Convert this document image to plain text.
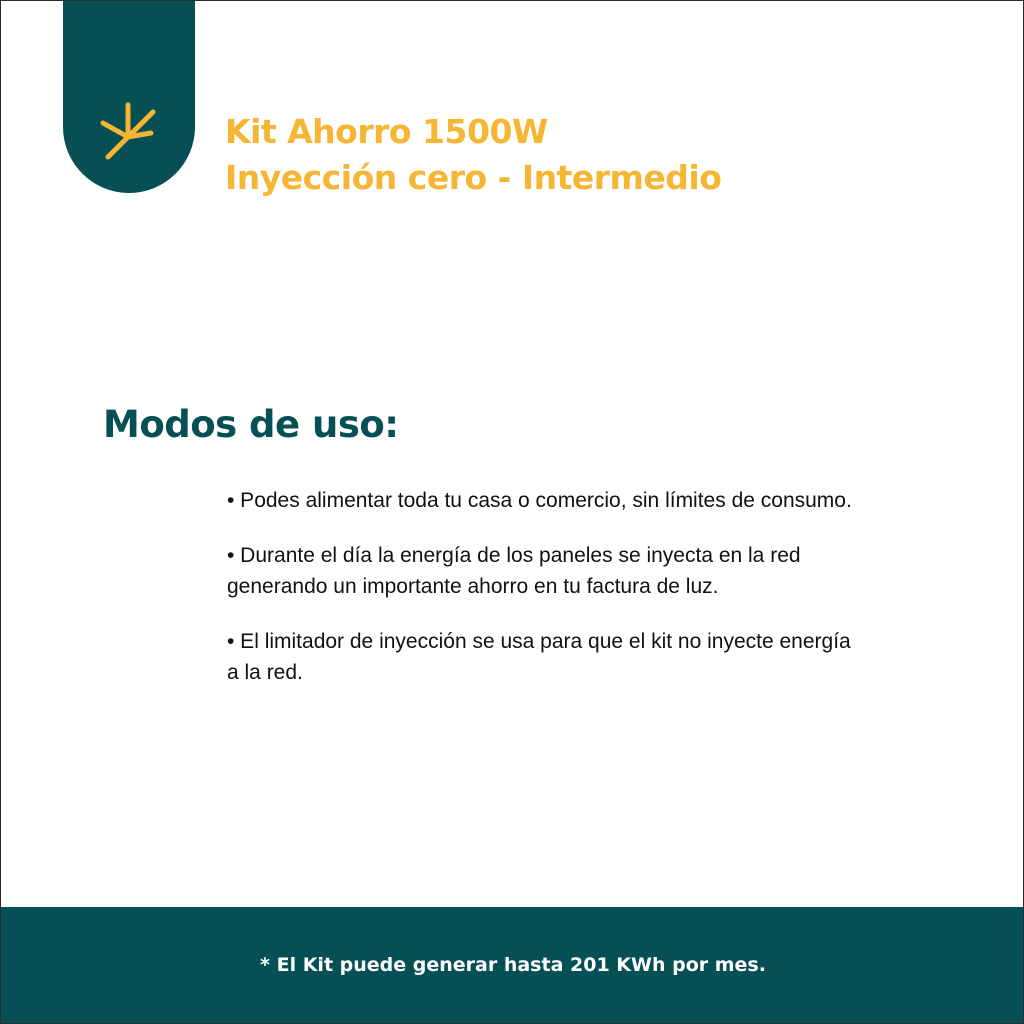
Kit Ahorro 1500W
Inyección cero - Intermedio
Modos de uso:
• Podes alimentar toda tu casa o comercio, sin límites de consumo.
• Durante el día la energía de los paneles se inyecta en la red generando un importante ahorro en tu factura de luz.
• El limitador de inyección se usa para que el kit no inyecte energía a la red.
* El Kit puede generar hasta 201 KWh por mes.
